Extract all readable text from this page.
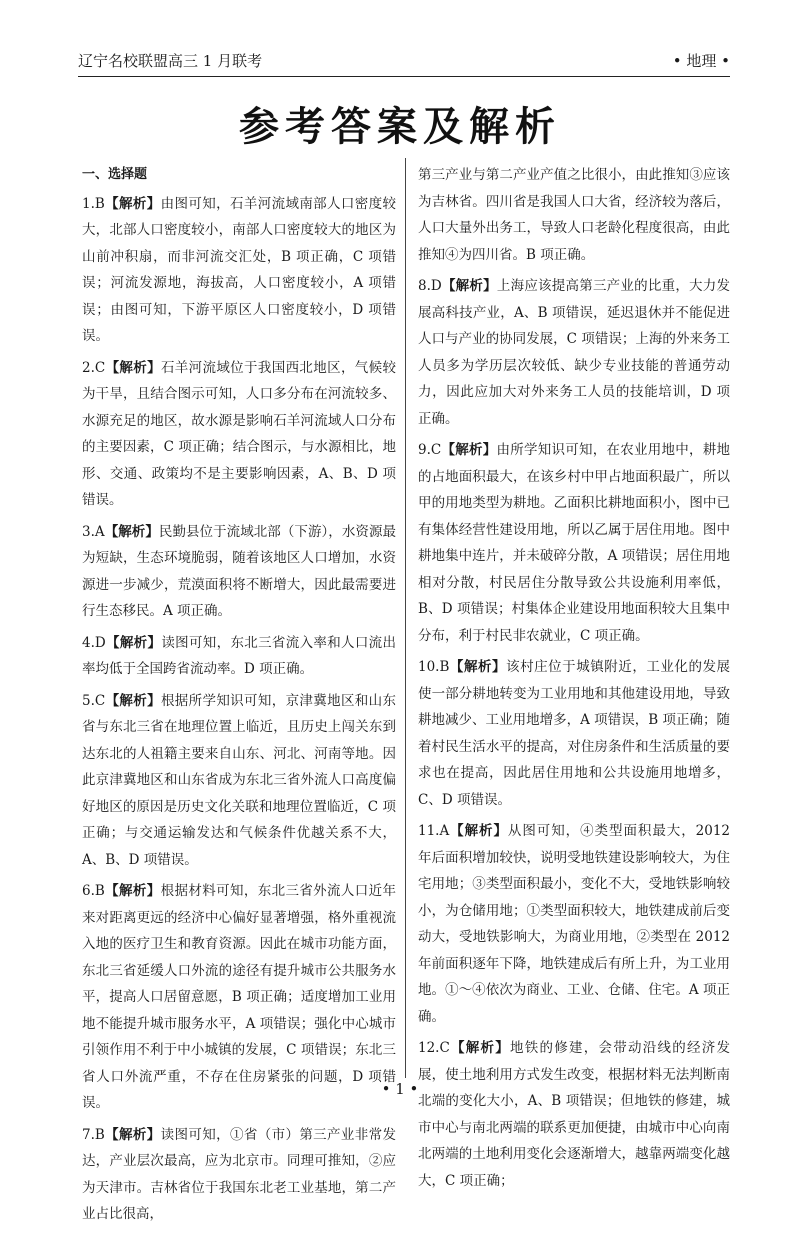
辽宁名校联盟高三 1 月联考	• 地理 •
参考答案及解析
一、选择题

1.B【解析】由图可知，石羊河流域南部人口密度较大，北部人口密度较小，南部人口密度较大的地区为山前冲积扇，而非河流交汇处，B 项正确，C 项错误；河流发源地，海拔高，人口密度较小，A 项错误；由图可知，下游平原区人口密度较小，D 项错误。

2.C【解析】石羊河流域位于我国西北地区，气候较为干旱，且结合图示可知，人口多分布在河流较多、水源充足的地区，故水源是影响石羊河流域人口分布的主要因素，C 项正确；结合图示，与水源相比，地形、交通、政策均不是主要影响因素，A、B、D 项错误。

3.A【解析】民勤县位于流域北部（下游），水资源最为短缺，生态环境脆弱，随着该地区人口增加，水资源进一步减少，荒漠面积将不断增大，因此最需要进行生态移民。A 项正确。

4.D【解析】读图可知，东北三省流入率和人口流出率均低于全国跨省流动率。D 项正确。

5.C【解析】根据所学知识可知，京津冀地区和山东省与东北三省在地理位置上临近，且历史上闯关东到达东北的人祖籍主要来自山东、河北、河南等地。因此京津冀地区和山东省成为东北三省外流人口高度偏好地区的原因是历史文化关联和地理位置临近，C 项正确；与交通运输发达和气候条件优越关系不大，A、B、D 项错误。

6.B【解析】根据材料可知，东北三省外流人口近年来对距离更远的经济中心偏好显著增强，格外重视流入地的医疗卫生和教育资源。因此在城市功能方面，东北三省延缓人口外流的途径有提升城市公共服务水平，提高人口居留意愿，B 项正确；适度增加工业用地不能提升城市服务水平，A 项错误；强化中心城市引领作用不利于中小城镇的发展，C 项错误；东北三省人口外流严重，不存在住房紧张的问题，D 项错误。

7.B【解析】读图可知，①省（市）第三产业非常发达，产业层次最高，应为北京市。同理可推知，②应为天津市。吉林省位于我国东北老工业基地，第二产业占比很高，

第三产业与第二产业产值之比很小，由此推知③应该为吉林省。四川省是我国人口大省，经济较为落后，人口大量外出务工，导致人口老龄化程度很高，由此推知④为四川省。B 项正确。

8.D【解析】上海应该提高第三产业的比重，大力发展高科技产业，A、B 项错误，延迟退休并不能促进人口与产业的协同发展，C 项错误；上海的外来务工人员多为学历层次较低、缺少专业技能的普通劳动力，因此应加大对外来务工人员的技能培训，D 项正确。

9.C【解析】由所学知识可知，在农业用地中，耕地的占地面积最大，在该乡村中甲占地面积最广，所以甲的用地类型为耕地。乙面积比耕地面积小，图中已有集体经营性建设用地，所以乙属于居住用地。图中耕地集中连片，并未破碎分散，A 项错误；居住用地相对分散，村民居住分散导致公共设施利用率低，B、D 项错误；村集体企业建设用地面积较大且集中分布，利于村民非农就业，C 项正确。

10.B【解析】该村庄位于城镇附近，工业化的发展使一部分耕地转变为工业用地和其他建设用地，导致耕地减少、工业用地增多，A 项错误，B 项正确；随着村民生活水平的提高，对住房条件和生活质量的要求也在提高，因此居住用地和公共设施用地增多，C、D 项错误。

11.A【解析】从图可知，④类型面积最大，2012 年后面积增加较快，说明受地铁建设影响较大，为住宅用地；③类型面积最小，变化不大，受地铁影响较小，为仓储用地；①类型面积较大，地铁建成前后变动大，受地铁影响大，为商业用地，②类型在 2012 年前面积逐年下降，地铁建成后有所上升，为工业用地。①～④依次为商业、工业、仓储、住宅。A 项正确。

12.C【解析】地铁的修建，会带动沿线的经济发展，使土地利用方式发生改变，根据材料无法判断南北端的变化大小，A、B 项错误；但地铁的修建，城市中心与南北两端的联系更加便捷，由城市中心向南北两端的土地利用变化会逐渐增大，越靠两端变化越大，C 项正确；

• 1 •
